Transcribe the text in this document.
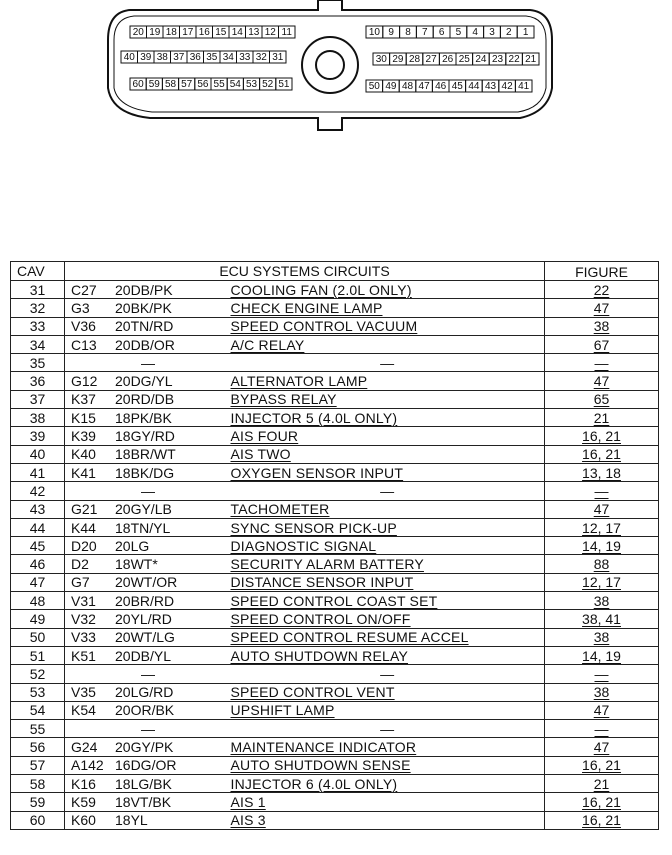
20 19 18 17 16 15 14 13 12 11	10 9 8 7 6 5 4 3 2 1
40 39 38 37 36 35 34 33 32 31	30 29 28 27 26 25 24 23 22 21
60 59 58 57 56 55 54 53 52 51	50 49 48 47 46 45 44 43 42 41
CAV	ECU SYSTEMS CIRCUITS		FIGURE
31	C27 20DB/PK	COOLING FAN (2.0L ONLY)	22
32	G3 20BK/PK	CHECK ENGINE LAMP	47
33	V36 20TN/RD	SPEED CONTROL VACUUM	38
34	C13 20DB/OR	A/C RELAY	67
35	—	—	—
36	G12 20DG/YL	ALTERNATOR LAMP	47
37	K37 20RD/DB	BYPASS RELAY	65
38	K15 18PK/BK	INJECTOR 5 (4.0L ONLY)	21
39	K39 18GY/RD	AIS FOUR	16, 21
40	K40 18BR/WT	AIS TWO	16, 21
41	K41 18BK/DG	OXYGEN SENSOR INPUT	13, 18
42	—	—	—
43	G21 20GY/LB	TACHOMETER	47
44	K44 18TN/YL	SYNC SENSOR PICK-UP	12, 17
45	D20 20LG	DIAGNOSTIC SIGNAL	14, 19
46	D2 18WT*	SECURITY ALARM BATTERY	88
47	G7 20WT/OR	DISTANCE SENSOR INPUT	12, 17
48	V31 20BR/RD	SPEED CONTROL COAST SET	38
49	V32 20YL/RD	SPEED CONTROL ON/OFF	38, 41
50	V33 20WT/LG	SPEED CONTROL RESUME ACCEL	38
51	K51 20DB/YL	AUTO SHUTDOWN RELAY	14, 19
52	—	—	—
53	V35 20LG/RD	SPEED CONTROL VENT	38
54	K54 20OR/BK	UPSHIFT LAMP	47
55	—	—	—
56	G24 20GY/PK	MAINTENANCE INDICATOR	47
57	A142 16DG/OR	AUTO SHUTDOWN SENSE	16, 21
58	K16 18LG/BK	INJECTOR 6 (4.0L ONLY)	21
59	K59 18VT/BK	AIS 1	16, 21
60	K60 18YL	AIS 3	16, 21
